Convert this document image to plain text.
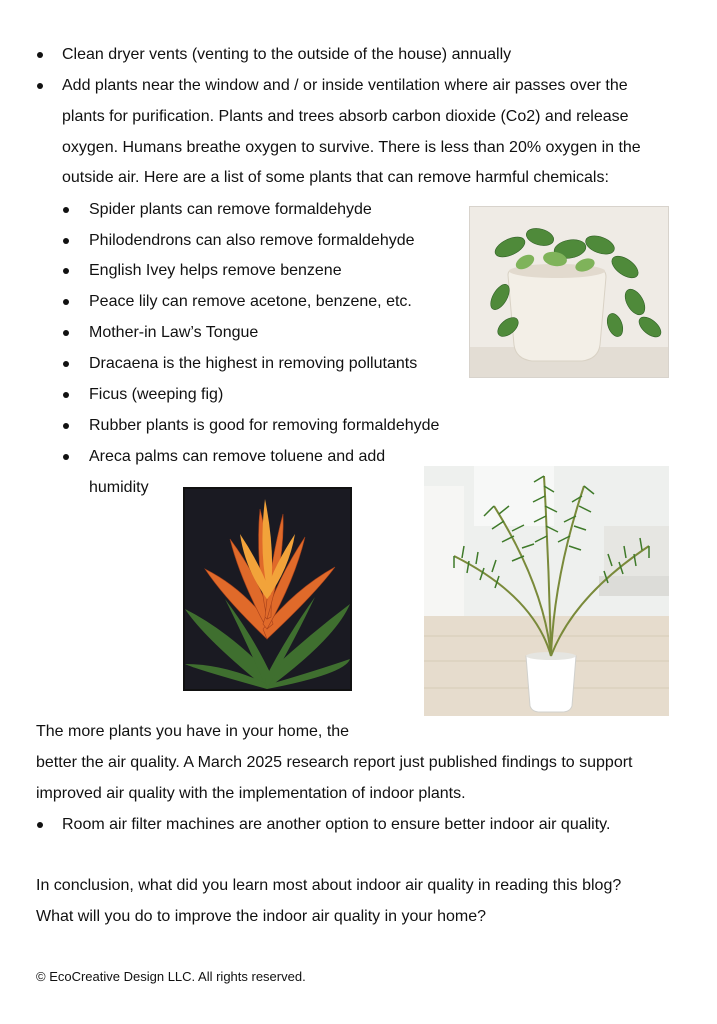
Clean dryer vents (venting to the outside of the house) annually
Add plants near the window and / or inside ventilation where air passes over the
plants for purification. Plants and trees absorb carbon dioxide (Co2) and release
oxygen. Humans breathe oxygen to survive. There is less than 20% oxygen in the
outside air. Here are a list of some plants that can remove harmful chemicals:
Spider plants can remove formaldehyde
Philodendrons can also remove formaldehyde
English Ivey helps remove benzene
Peace lily can remove acetone, benzene, etc.
Mother-in Law’s Tongue
Dracaena is the highest in removing pollutants
Ficus (weeping fig)
Rubber plants is good for removing formaldehyde
Areca palms can remove toluene and add
humidity
The more plants you have in your home, the
better the air quality. A March 2025 research report just published findings to support
improved air quality with the implementation of indoor plants.
Room air filter machines are another option to ensure better indoor air quality.
In conclusion, what did you learn most about indoor air quality in reading this blog?
What will you do to improve the indoor air quality in your home?
© EcoCreative Design LLC. All rights reserved.
